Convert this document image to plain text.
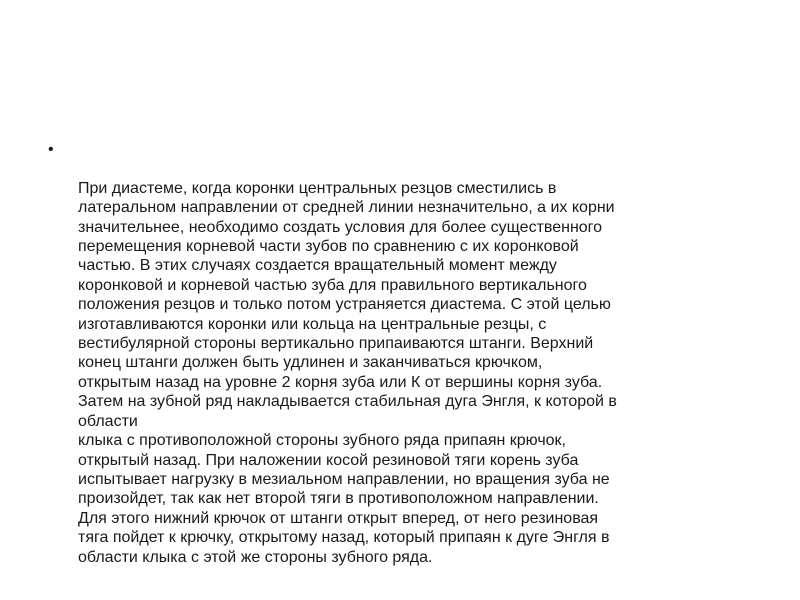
•

При диастеме, когда коронки центральных резцов сместились в
латеральном направлении от средней линии незначительно, а их корни
значительнее, необходимо создать условия для более существенного
перемещения корневой части зубов по сравнению с их коронковой
частью. В этих случаях создается вращательный момент между
коронковой и корневой частью зуба для правильного вертикального
положения резцов и только потом устраняется диастема. С этой целью
изготавливаются коронки или кольца на центральные резцы, с
вестибулярной стороны вертикально припаиваются штанги. Верхний
конец штанги должен быть удлинен и заканчиваться крючком,
открытым назад на уровне 2 корня зуба или К от вершины корня зуба.
Затем на зубной ряд накладывается стабильная дуга Энгля, к которой в
области
клыка с противоположной стороны зубного ряда припаян крючок,
открытый назад. При наложении косой резиновой тяги корень зуба
испытывает нагрузку в мезиальном направлении, но вращения зуба не
произойдет, так как нет второй тяги в противоположном направлении.
Для этого нижний крючок от штанги открыт вперед, от него резиновая
тяга пойдет к крючку, открытому назад, который припаян к дуге Энгля в
области клыка с этой же стороны зубного ряда.
